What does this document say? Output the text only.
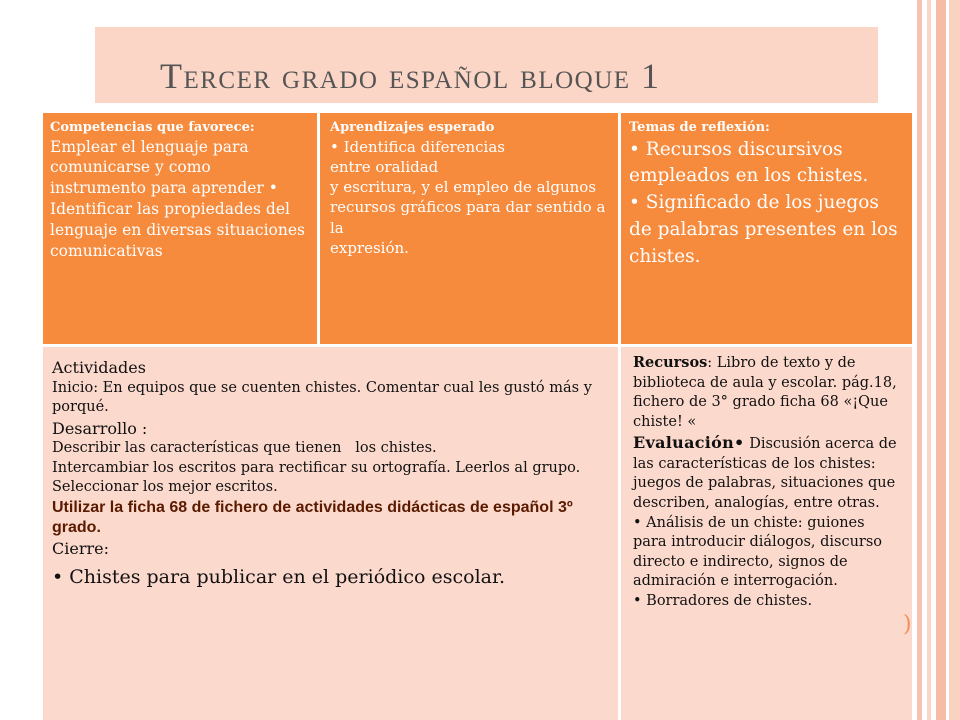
Tercer grado español bloque 1
Competencias que favorece:
Emplear el lenguaje para comunicarse y como instrumento para aprender • Identificar las propiedades del lenguaje en diversas situaciones comunicativas
Aprendizajes esperado
• Identifica diferencias
entre oralidad
y escritura, y el empleo de algunos
recursos gráficos para dar sentido a la
expresión.
Temas de reflexión:
• Recursos discursivos empleados en los chistes.
• Significado de los juegos de palabras presentes en los chistes.
Actividades
Inicio: En equipos que se cuenten chistes. Comentar cual les gustó más y porqué.
Desarrollo :
Describir las características que tienen   los chistes.
Intercambiar los escritos para rectificar su ortografía. Leerlos al grupo. Seleccionar los mejor escritos.
Utilizar la ficha 68 de fichero de actividades didácticas de español 3º grado.
Cierre:
• Chistes para publicar en el periódico escolar.
Recursos: Libro de texto y de biblioteca de aula y escolar. pág.18, fichero de 3° grado ficha 68 «¡Que chiste! «
Evaluación• Discusión acerca de las características de los chistes: juegos de palabras, situaciones que describen, analogías, entre otras.
• Análisis de un chiste: guiones para introducir diálogos, discurso directo e indirecto, signos de admiración e interrogación.
• Borradores de chistes.
)
